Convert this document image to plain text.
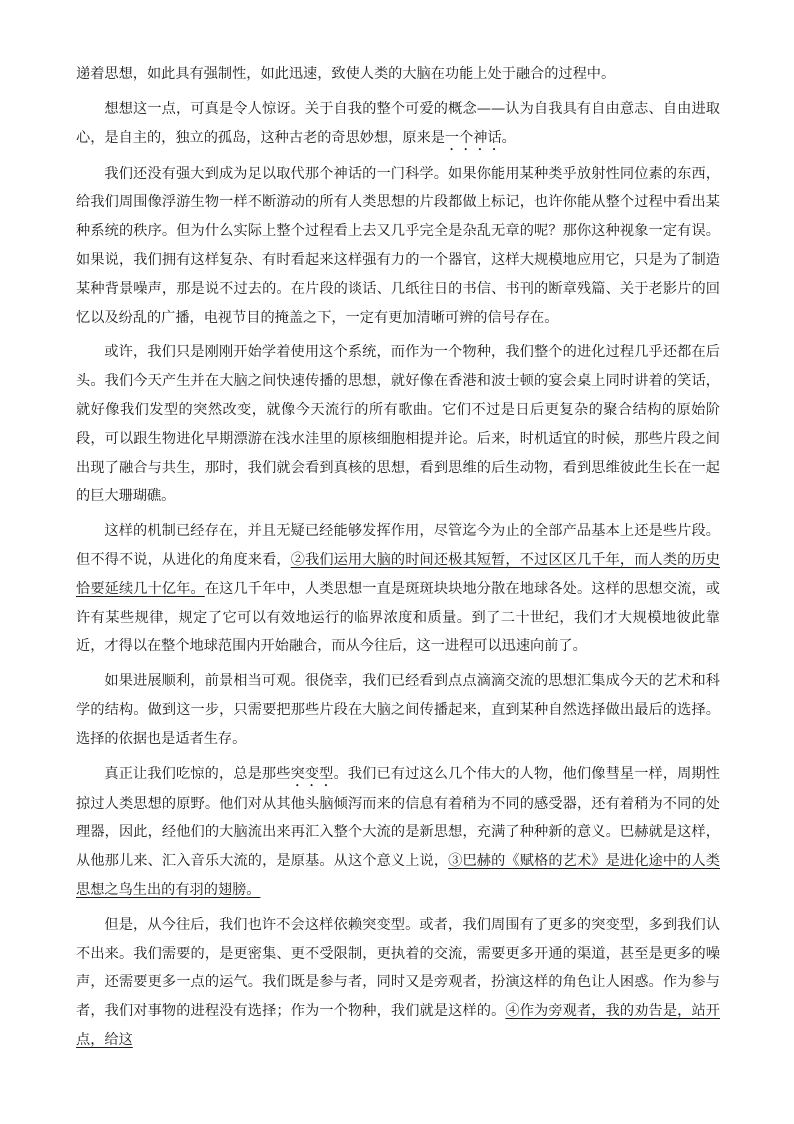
递着思想，如此具有强制性，如此迅速，致使人类的大脑在功能上处于融合的过程中。

想想这一点，可真是令人惊讶。关于自我的整个可爱的概念——认为自我具有自由意志、自由进取心，是自主的，独立的孤岛，这种古老的奇思妙想，原来是一个神话。

我们还没有强大到成为足以取代那个神话的一门科学。如果你能用某种类乎放射性同位素的东西，给我们周围像浮游生物一样不断游动的所有人类思想的片段都做上标记，也许你能从整个过程中看出某种系统的秩序。但为什么实际上整个过程看上去又几乎完全是杂乱无章的呢？那你这种视象一定有误。如果说，我们拥有这样复杂、有时看起来这样强有力的一个器官，这样大规模地应用它，只是为了制造某种背景噪声，那是说不过去的。在片段的谈话、几纸往日的书信、书刊的断章残篇、关于老影片的回忆以及纷乱的广播，电视节目的掩盖之下，一定有更加清晰可辨的信号存在。

或许，我们只是刚刚开始学着使用这个系统，而作为一个物种，我们整个的进化过程几乎还都在后头。我们今天产生并在大脑之间快速传播的思想，就好像在香港和波士顿的宴会桌上同时讲着的笑话，就好像我们发型的突然改变，就像今天流行的所有歌曲。它们不过是日后更复杂的聚合结构的原始阶段，可以跟生物进化早期漂游在浅水洼里的原核细胞相提并论。后来，时机适宜的时候，那些片段之间出现了融合与共生，那时，我们就会看到真核的思想，看到思维的后生动物，看到思维彼此生长在一起的巨大珊瑚礁。

这样的机制已经存在，并且无疑已经能够发挥作用，尽管迄今为止的全部产品基本上还是些片段。但不得不说，从进化的角度来看，②我们运用大脑的时间还极其短暂，不过区区几千年，而人类的历史恰要延续几十亿年。在这几千年中，人类思想一直是斑斑块块地分散在地球各处。这样的思想交流，或许有某些规律，规定了它可以有效地运行的临界浓度和质量。到了二十世纪，我们才大规模地彼此靠近，才得以在整个地球范围内开始融合，而从今往后，这一进程可以迅速向前了。

如果进展顺利，前景相当可观。很侥幸，我们已经看到点点滴滴交流的思想汇集成今天的艺术和科学的结构。做到这一步，只需要把那些片段在大脑之间传播起来，直到某种自然选择做出最后的选择。选择的依据也是适者生存。

真正让我们吃惊的，总是那些突变型。我们已有过这么几个伟大的人物，他们像彗星一样，周期性掠过人类思想的原野。他们对从其他头脑倾泻而来的信息有着稍为不同的感受器，还有着稍为不同的处理器，因此，经他们的大脑流出来再汇入整个大流的是新思想，充满了种种新的意义。巴赫就是这样，从他那儿来、汇入音乐大流的，是原基。从这个意义上说，③巴赫的《赋格的艺术》是进化途中的人类思想之鸟生出的有羽的翅膀。

但是，从今往后，我们也许不会这样依赖突变型。或者，我们周围有了更多的突变型，多到我们认不出来。我们需要的，是更密集、更不受限制，更执着的交流，需要更多开通的渠道，甚至是更多的噪声，还需要更多一点的运气。我们既是参与者，同时又是旁观者，扮演这样的角色让人困惑。作为参与者，我们对事物的进程没有选择；作为一个物种，我们就是这样的。④作为旁观者，我的劝告是，站开点，给这
